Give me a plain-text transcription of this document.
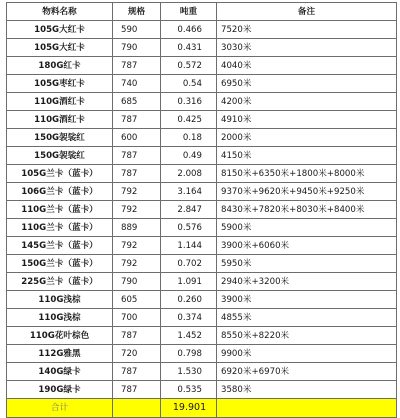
物料名称	规格	吨重	备注
105G大红卡	590	0.466	7520米
105G大红卡	790	0.431	3030米
180G红卡	787	0.572	4040米
105G枣红卡	740	0.54	6950米
110G酒红卡	685	0.316	4200米
110G酒红卡	787	0.425	4910米
150G袈裟红	600	0.18	2000米
150G袈裟红	787	0.49	4150米
105G兰卡（蓝卡）	787	2.008	8150米+6350米+1800米+8000米
106G兰卡（蓝卡）	792	3.164	9370米+9620米+9450米+9250米
110G兰卡（蓝卡）	792	2.847	8430米+7820米+8030米+8400米
110G兰卡（蓝卡）	889	0.576	5900米
145G兰卡（蓝卡）	792	1.144	3900米+6060米
150G兰卡（蓝卡）	792	0.702	5950米
225G兰卡（蓝卡）	790	1.091	2940米+3200米
110G浅棕	605	0.260	3900米
110G浅棕	700	0.374	4855米
110G花叶棕色	787	1.452	8550米+8220米
112G雅黑	720	0.798	9900米
140G绿卡	787	1.530	6920米+6970米
190G绿卡	787	0.535	3580米
合计		19.901	
